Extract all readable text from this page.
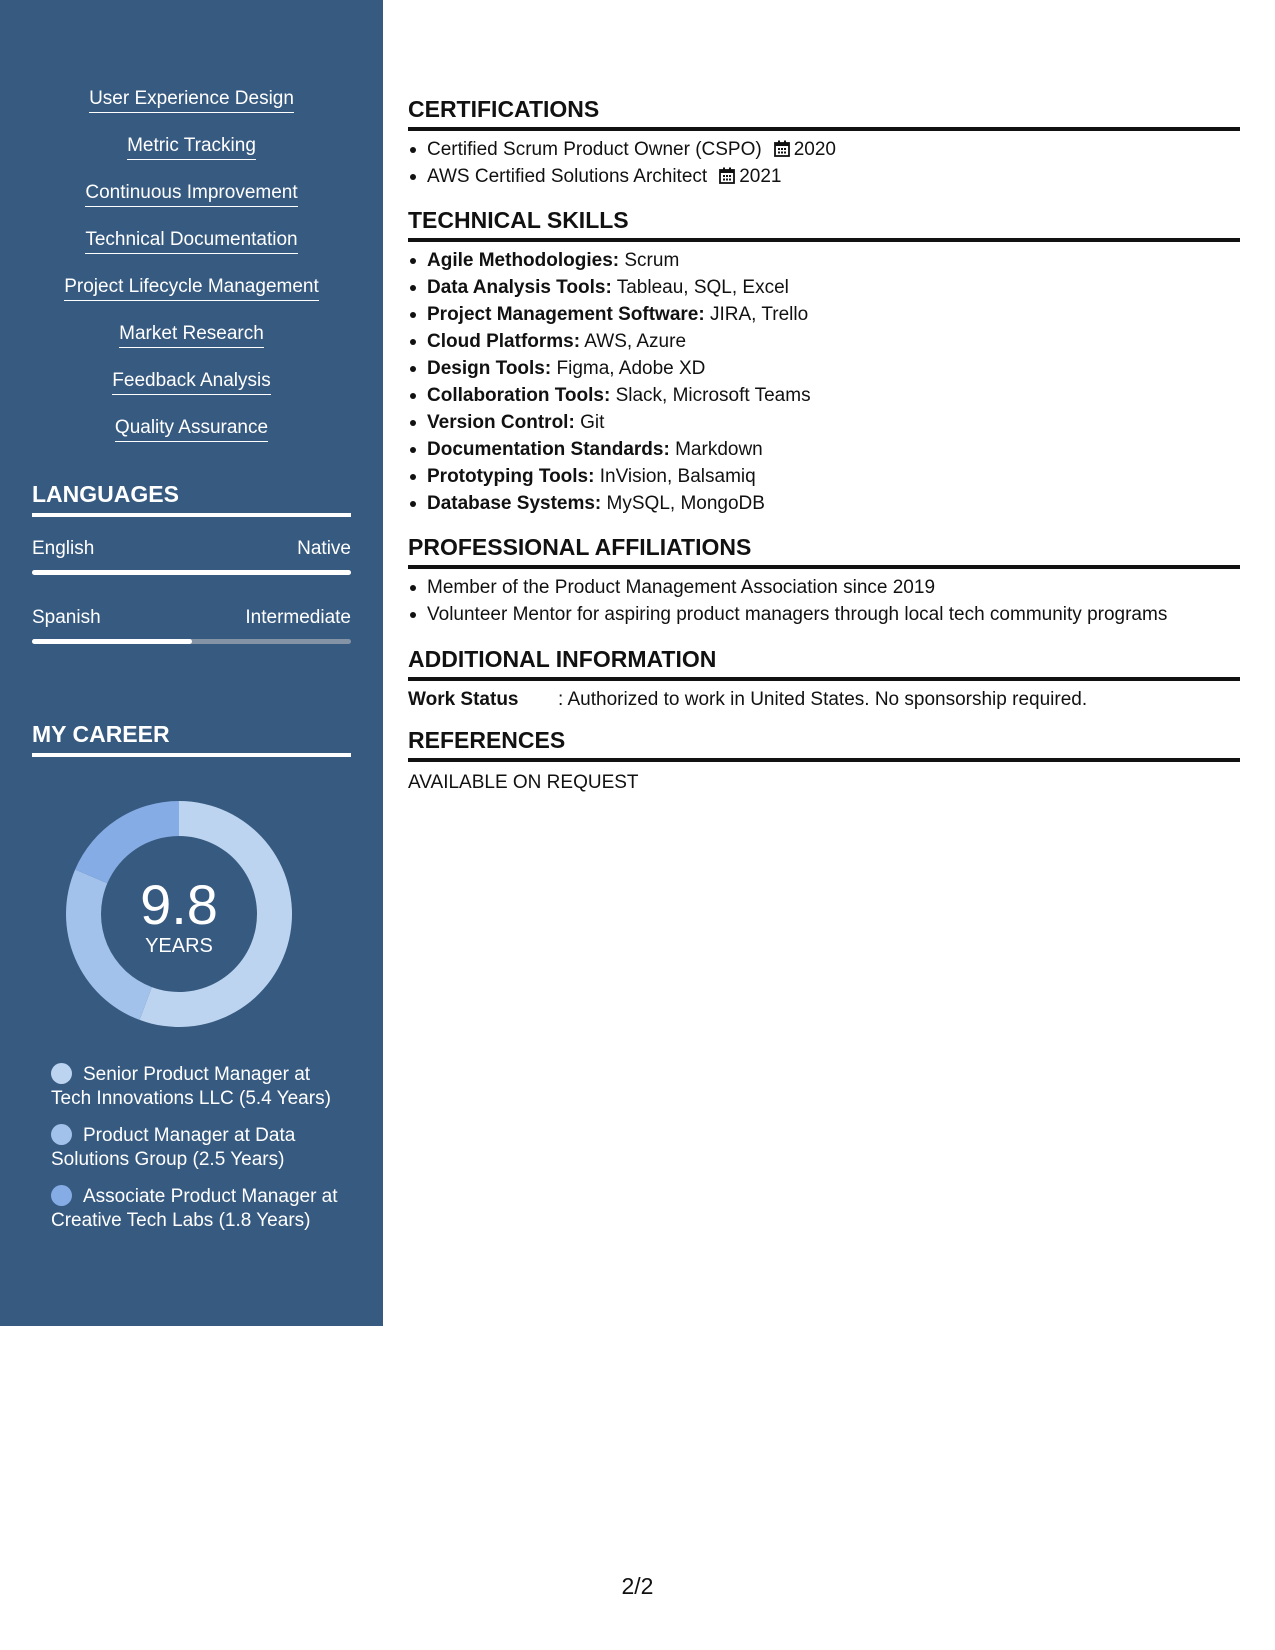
User Experience Design
Metric Tracking
Continuous Improvement
Technical Documentation
Project Lifecycle Management
Market Research
Feedback Analysis
Quality Assurance
LANGUAGES
English	Native
Spanish	Intermediate
MY CAREER
9.8
YEARS
Senior Product Manager at Tech Innovations LLC (5.4 Years)
Product Manager at Data Solutions Group (2.5 Years)
Associate Product Manager at Creative Tech Labs (1.8 Years)
CERTIFICATIONS
Certified Scrum Product Owner (CSPO) 2020
AWS Certified Solutions Architect 2021
TECHNICAL SKILLS
Agile Methodologies: Scrum
Data Analysis Tools: Tableau, SQL, Excel
Project Management Software: JIRA, Trello
Cloud Platforms: AWS, Azure
Design Tools: Figma, Adobe XD
Collaboration Tools: Slack, Microsoft Teams
Version Control: Git
Documentation Standards: Markdown
Prototyping Tools: InVision, Balsamiq
Database Systems: MySQL, MongoDB
PROFESSIONAL AFFILIATIONS
Member of the Product Management Association since 2019
Volunteer Mentor for aspiring product managers through local tech community programs
ADDITIONAL INFORMATION
Work Status	: Authorized to work in United States. No sponsorship required.
REFERENCES
AVAILABLE ON REQUEST
2/2
